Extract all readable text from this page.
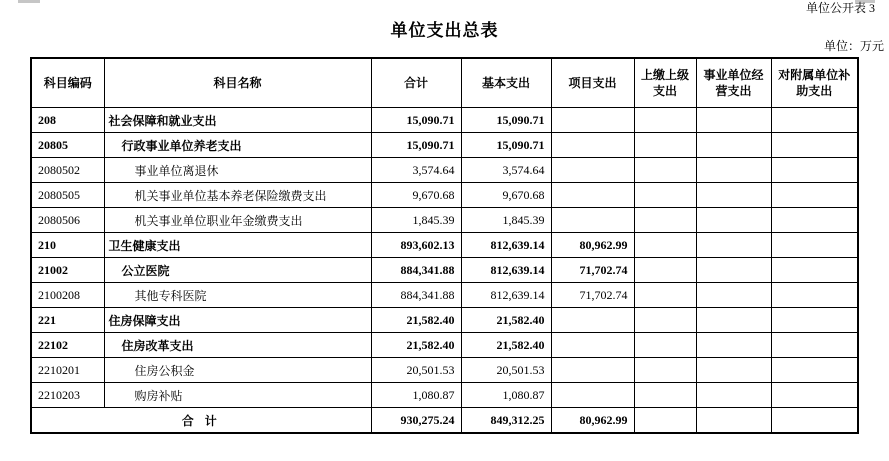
单位公开表 3
单位支出总表
单位：万元
科目编码	科目名称	合计	基本支出	项目支出	上缴上级支出	事业单位经营支出	对附属单位补助支出
208	社会保障和就业支出	15,090.71	15,090.71				
20805	行政事业单位养老支出	15,090.71	15,090.71				
2080502	事业单位离退休	3,574.64	3,574.64				
2080505	机关事业单位基本养老保险缴费支出	9,670.68	9,670.68				
2080506	机关事业单位职业年金缴费支出	1,845.39	1,845.39				
210	卫生健康支出	893,602.13	812,639.14	80,962.99			
21002	公立医院	884,341.88	812,639.14	71,702.74			
2100208	其他专科医院	884,341.88	812,639.14	71,702.74			
221	住房保障支出	21,582.40	21,582.40				
22102	住房改革支出	21,582.40	21,582.40				
2210201	住房公积金	20,501.53	20,501.53				
2210203	购房补贴	1,080.87	1,080.87				
合 计		930,275.24	849,312.25	80,962.99			
